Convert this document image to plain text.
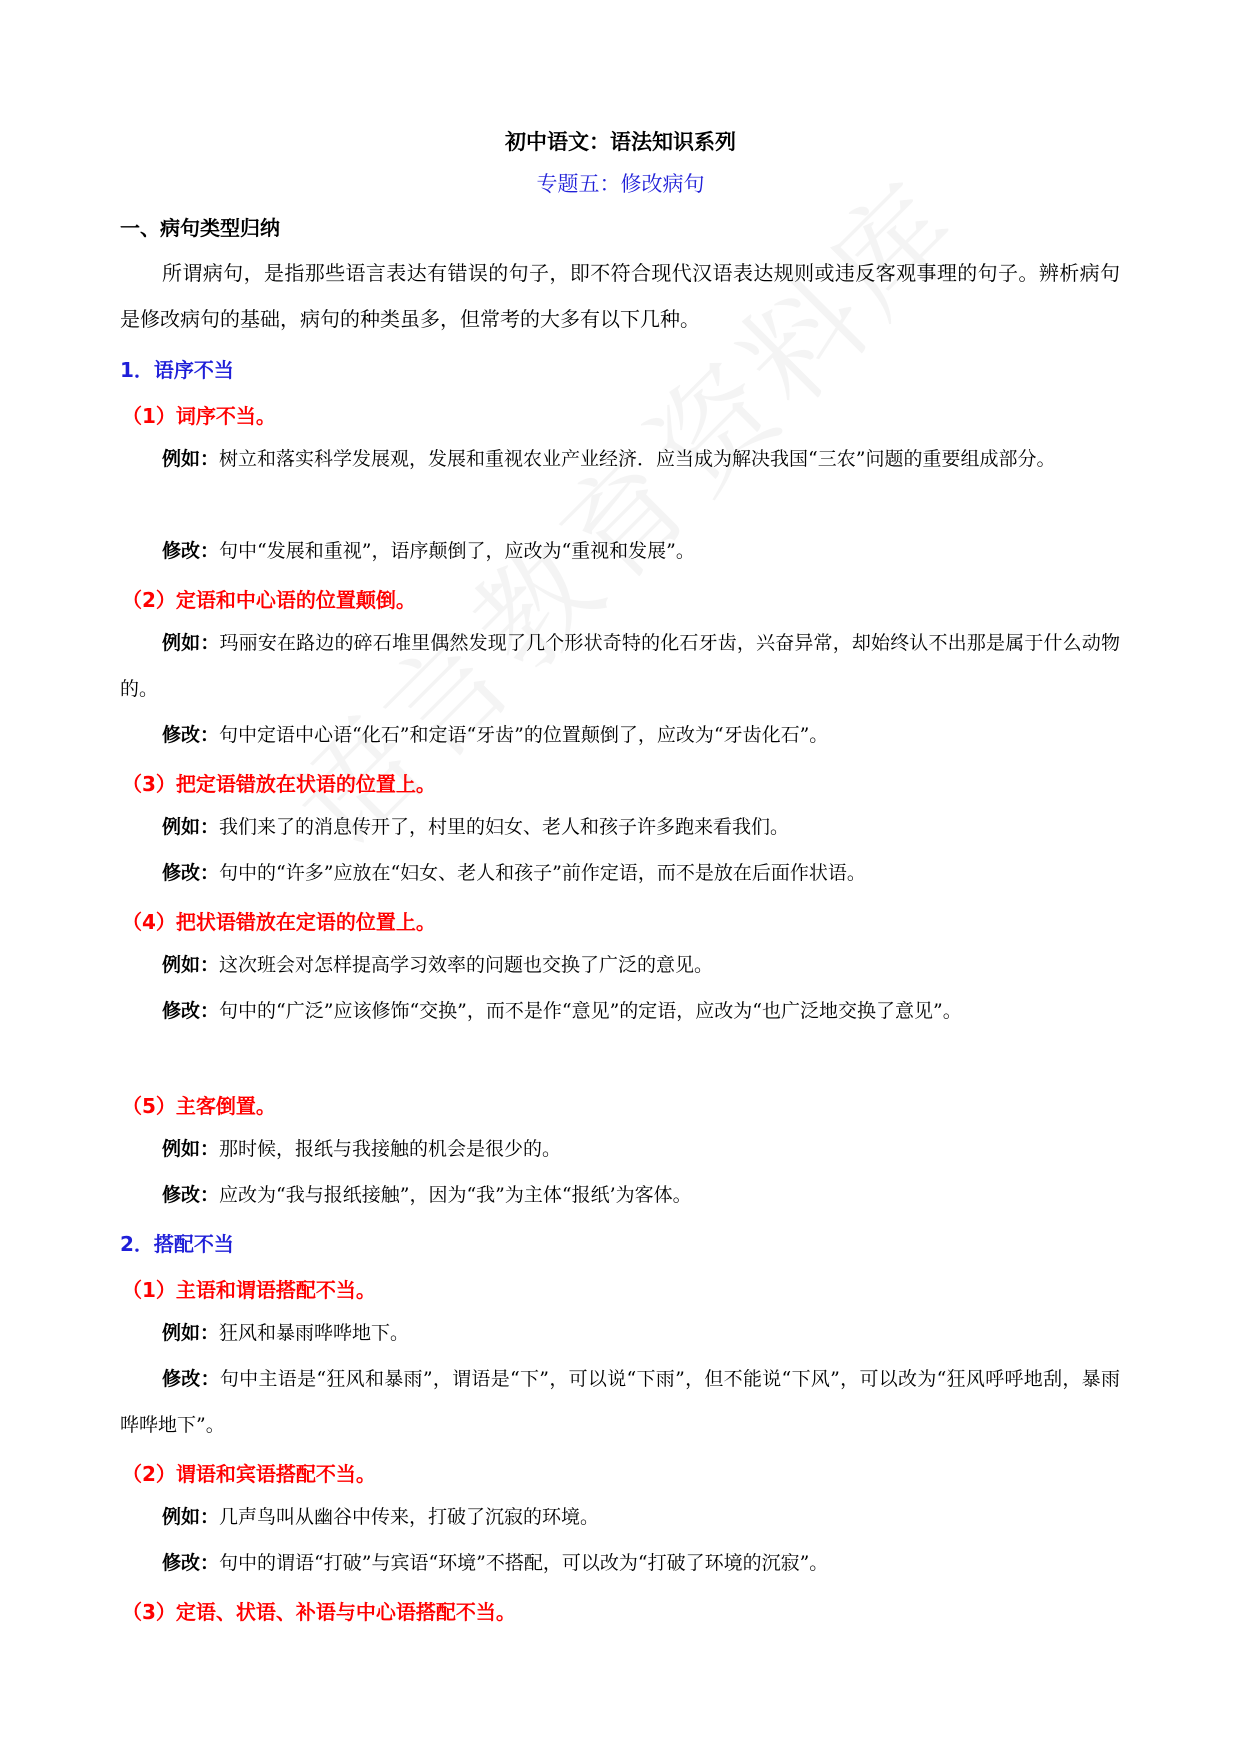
初中语文：语法知识系列
专题五：修改病句
一、病句类型归纳
所谓病句，是指那些语言表达有错误的句子，即不符合现代汉语表达规则或违反客观事理的句子。辨析病句是修改病句的基础，病句的种类虽多，但常考的大多有以下几种。
1．语序不当
（1）词序不当。
例如：树立和落实科学发展观，发展和重视农业产业经济．应当成为解决我国“三农”问题的重要组成部分。
修改：句中“发展和重视”，语序颠倒了，应改为“重视和发展”。
（2）定语和中心语的位置颠倒。
例如：玛丽安在路边的碎石堆里偶然发现了几个形状奇特的化石牙齿，兴奋异常，却始终认不出那是属于什么动物的。
修改：句中定语中心语“化石”和定语“牙齿”的位置颠倒了，应改为“牙齿化石”。
（3）把定语错放在状语的位置上。
例如：我们来了的消息传开了，村里的妇女、老人和孩子许多跑来看我们。
修改：句中的“许多”应放在“妇女、老人和孩子”前作定语，而不是放在后面作状语。
（4）把状语错放在定语的位置上。
例如：这次班会对怎样提高学习效率的问题也交换了广泛的意见。
修改：句中的“广泛”应该修饰“交换”，而不是作“意见”的定语，应改为“也广泛地交换了意见”。
（5）主客倒置。
例如：那时候，报纸与我接触的机会是很少的。
修改：应改为“我与报纸接触”，因为“我”为主体“报纸’为客体。
2．搭配不当
（1）主语和谓语搭配不当。
例如：狂风和暴雨哗哗地下。
修改：句中主语是“狂风和暴雨”，谓语是“下”，可以说“下雨”，但不能说“下风”，可以改为“狂风呼呼地刮，暴雨哗哗地下”。
（2）谓语和宾语搭配不当。
例如：几声鸟叫从幽谷中传来，打破了沉寂的环境。
修改：句中的谓语“打破”与宾语“环境”不搭配，可以改为“打破了环境的沉寂”。
（3）定语、状语、补语与中心语搭配不当。
